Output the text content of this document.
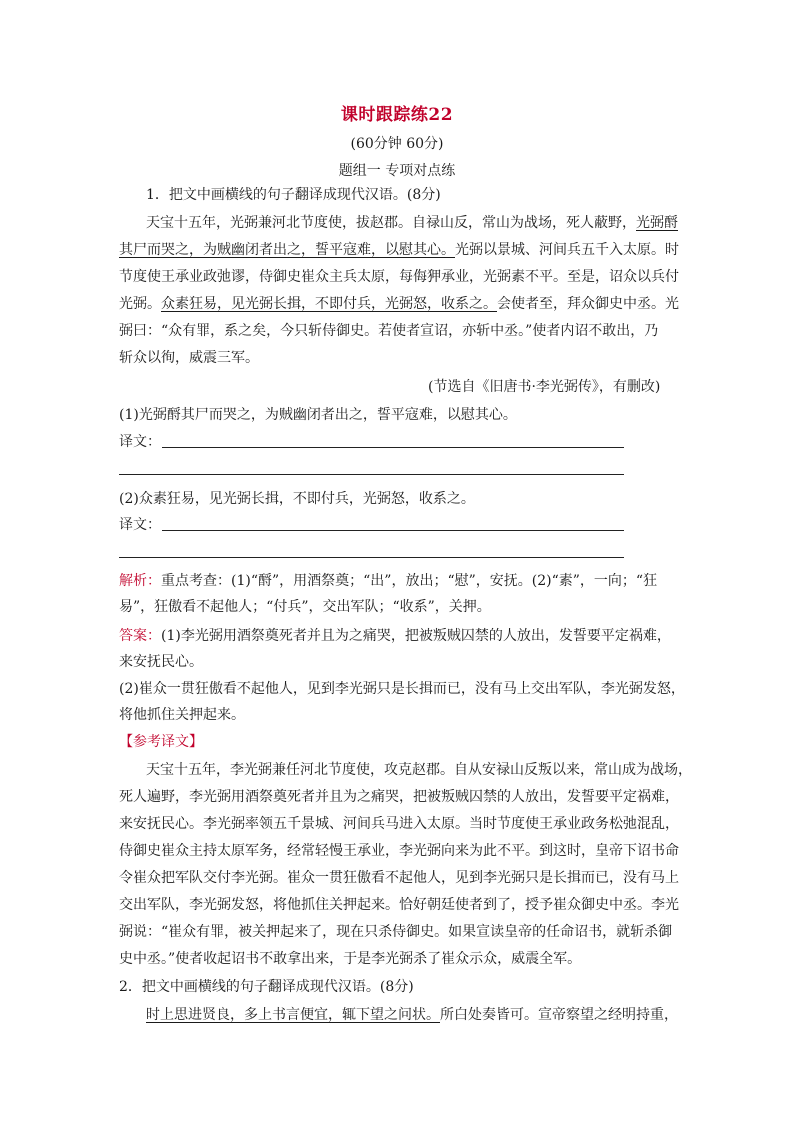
课时跟踪练22
(60分钟 60分)
题组一 专项对点练
1．把文中画横线的句子翻译成现代汉语。(8分)
天宝十五年，光弼兼河北节度使，拔赵郡。自禄山反，常山为战场，死人蔽野，光弼酹
其尸而哭之，为贼幽闭者出之，誓平寇难，以慰其心。光弼以景城、河间兵五千入太原。时
节度使王承业政弛谬，侍御史崔众主兵太原，每侮狎承业，光弼素不平。至是，诏众以兵付
光弼。众素狂易，见光弼长揖，不即付兵，光弼怒，收系之。会使者至，拜众御史中丞。光
弼曰：“众有罪，系之矣，今只斩侍御史。若使者宣诏，亦斩中丞。”使者内诏不敢出，乃
斩众以徇，威震三军。
(节选自《旧唐书·李光弼传》，有删改)
(1)光弼酹其尸而哭之，为贼幽闭者出之，誓平寇难，以慰其心。
译文：
(2)众素狂易，见光弼长揖，不即付兵，光弼怒，收系之。
译文：
解析：重点考查：(1)“酹”，用酒祭奠；“出”，放出；“慰”，安抚。(2)“素”，一向；“狂
易”，狂傲看不起他人；“付兵”，交出军队；“收系”，关押。
答案：(1)李光弼用酒祭奠死者并且为之痛哭，把被叛贼囚禁的人放出，发誓要平定祸难，
来安抚民心。
(2)崔众一贯狂傲看不起他人，见到李光弼只是长揖而已，没有马上交出军队，李光弼发怒，
将他抓住关押起来。
【参考译文】
天宝十五年，李光弼兼任河北节度使，攻克赵郡。自从安禄山反叛以来，常山成为战场，
死人遍野，李光弼用酒祭奠死者并且为之痛哭，把被叛贼囚禁的人放出，发誓要平定祸难，
来安抚民心。李光弼率领五千景城、河间兵马进入太原。当时节度使王承业政务松弛混乱，
侍御史崔众主持太原军务，经常轻慢王承业，李光弼向来为此不平。到这时，皇帝下诏书命
令崔众把军队交付李光弼。崔众一贯狂傲看不起他人，见到李光弼只是长揖而已，没有马上
交出军队，李光弼发怒，将他抓住关押起来。恰好朝廷使者到了，授予崔众御史中丞。李光
弼说：“崔众有罪，被关押起来了，现在只杀侍御史。如果宣读皇帝的任命诏书，就斩杀御
史中丞。”使者收起诏书不敢拿出来，于是李光弼杀了崔众示众，威震全军。
2．把文中画横线的句子翻译成现代汉语。(8分)
时上思进贤良，多上书言便宜，辄下望之问状。所白处奏皆可。宣帝察望之经明持重，
